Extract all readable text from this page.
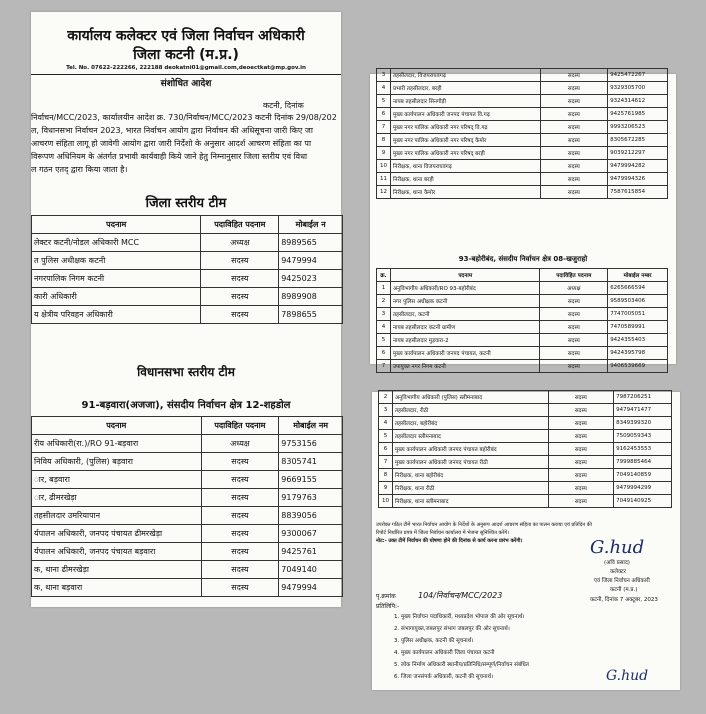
कार्यालय कलेक्टर एवं जिला निर्वाचन अधिकारी
जिला कटनी (म.प्र.)
Tel. No. 07622-222266, 222188 deokatni01@gmail.com,deoectkat@mp.gov.in
संशोधित आदेश
कटनी, दिनांक
निर्वाचन/MCC/2023, कार्यालयीन आदेश क्र. 730/निर्वाचन/MCC/2023 कटनी दिनांक 29/08/202
ल, विधानसभा निर्वाचन 2023, भारत निर्वाचन आयोग द्वारा निर्वाचन की अधिसूचना जारी किए जा
आचरण संहिता लागू हो जावेगी आयोग द्वारा जारी निर्देशो के अनुसार आदर्श आचरण संहिता का पा
विरूपण अधिनियम के अंतर्गत प्रभावी कार्यवाही किये जाने हेतु निम्नानुसार जिला स्तरीय एवं विधा
ल गठन एतद् द्वारा किया जाता है।
जिला स्तरीय टीम
पदनाम	पदाविहित पदनाम	मोबाईल न
लेक्टर कटनी/नोडल अधिकारी MCC	अध्यक्ष	8989565
त पुलिस अधीक्षक कटनी	सदस्य	9479994
नगरपालिक निगम कटनी	सदस्य	9425023
कारी अधिकारी	सदस्य	8989908
य क्षेत्रीय परिवहन अधिकारी	सदस्य	7898655
विधानसभा स्तरीय टीम
91-बड़वारा(अजजा), संसदीय निर्वाचन क्षेत्र 12-शहडोल
पदनाम	पदाविहित पदनाम	मोबाईल नम
रीय अधिकारी(रा.)/RO 91-बड़वारा	अध्यक्ष	9753156
निविय अधिकारी, (पुलिस) बड़वारा	सदस्य	8305741
ार, बड़वारा	सदस्य	9669155
ार, ढीमरखेड़ा	सदस्य	9179763
तहसीलदार उमरियापान	सदस्य	8839056
र्यपालन अधिकारी, जनपद पंचायत ढीमरखेड़ा	सदस्य	9300067
र्यपालन अधिकारी, जनपद पंचायत बड़वारा	सदस्य	9425761
क, थाना ढीमरखेड़ा	सदस्य	7049140
क, थाना बड़वारा	सदस्य	9479994
3	तहसीलदार, विजयराघवगढ़	सदस्य	9425472267
4	प्रभारी तहसीलदार, बरही	सदस्य	9329305700
5	नायब तहसीलदार सिनगौड़ी	सदस्य	9324314612
6	मुख्य कार्यपालन अधिकारी जनपद पंचायत वि.गढ़	सदस्य	9425761985
7	मुख्य नगर पालिक अधिकारी नगर परिषद् वि.गढ़	सदस्य	9993206523
8	मुख्य नगर पालिक अधिकारी नगर परिषद् कैमोर	सदस्य	8305672285
9	मुख्य नगर पालिक अधिकारी नगर परिषद् बरही	सदस्य	9039212297
10	निरीक्षक, थाना विजयराघवगढ़	सदस्य	9479994282
11	निरीक्षक, थाना बरही	सदस्य	9479994326
12	निरीक्षक, थाना कैमोर	सदस्य	7587615854
93-बहोरीबंद, संसदीय निर्वाचन क्षेत्र 08-खजुराहो
क्र.	पदनाम	पदाविहित पदनाम	मोबाईल नम्बर
1	अनुविभागीय अधिकारी/RO 93-बहोरीबंद	अध्यक्ष	6265666594
2	नगर पुलिस अधीक्षक कटनी	सदस्य	9589503406
3	तहसीलदार, कटनी	सदस्य	7747005051
4	नायब तहसीलदार कटनी ग्रामीण	सदस्य	7470589991
5	नायब तहसीलदार मुड़वारा-2	सदस्य	9424355403
6	मुख्य कार्यपालन अधिकारी जनपद पंचायत, कटनी	सदस्य	9424395798
7	उपायुक्त नगर निगम कटनी	सदस्य	9406539669
2	अनुविभागीय अधिकारी (पुलिस) स्लीमनाबाद	सदस्य	7987206251
3	तहसीलदार, रीठी	सदस्य	9479471477
4	तहसीलदार, बहोरीबंद	सदस्य	8349399320
5	तहसीलदार स्लीमनाबाद	सदस्य	7509059343
6	मुख्य कार्यपालन अधिकारी जनपद पंचायत बहोरीबंद	सदस्य	9162453553
7	मुख्य कार्यपालन अधिकारी जनपद पंचायत रीठी	सदस्य	7999885464
8	निरीक्षक, थाना बहोरीबंद	सदस्य	7049140859
9	निरीक्षक, थाना रीठी	सदस्य	9479994299
10	निरीक्षक, थाना स्लीमनाबाद	सदस्य	7049140925
उपरोक्त गठित टीमें भारत निर्वाचन आयोग के निर्देशों के अनुरूप आदर्श आचरण संहिता का पालन कराया एवं प्रतिदिन की
रिपोर्ट निर्धारित प्रपत्र में जिला निर्वाचन कार्यालय में भेजना सुनिश्चित करेंगे।
नोट:- उक्त टीमें निर्वाचन की घोषणा होने की दिनांक से कार्य करना प्रारंभ करेंगी।	G.hud
(अवि प्रसाद)
कलेक्टर
एवं जिला निर्वाचन अधिकारी
कटनी (म.प्र.)
कटनी, दिनांक 7 अक्टूबर, 2023
पृ.क्रमांक	104/निर्वाचन/MCC/2023
प्रतिलिपि:-
1. मुख्य निर्वाचन पदाधिकारी, मध्यप्रदेश भोपाल की ओर सूचनार्थ।
2. संभागायुक्त,जबलपुर संभाग जबलपुर की ओर सूचनार्थ।
3. पुलिस अधीक्षक, कटनी की सूचनार्थ।
4. मुख्य कार्यपालन अधिकारी जिला पंचायत कटनी
5. लोक निर्माण अधिकारी स्थानीय/प्रतिनिधि/सम्पूर्ण/निर्वाचन संबंधित
6. जिला जनसंपर्क अधिकारी, कटनी की सूचनार्थ।	G.hud
